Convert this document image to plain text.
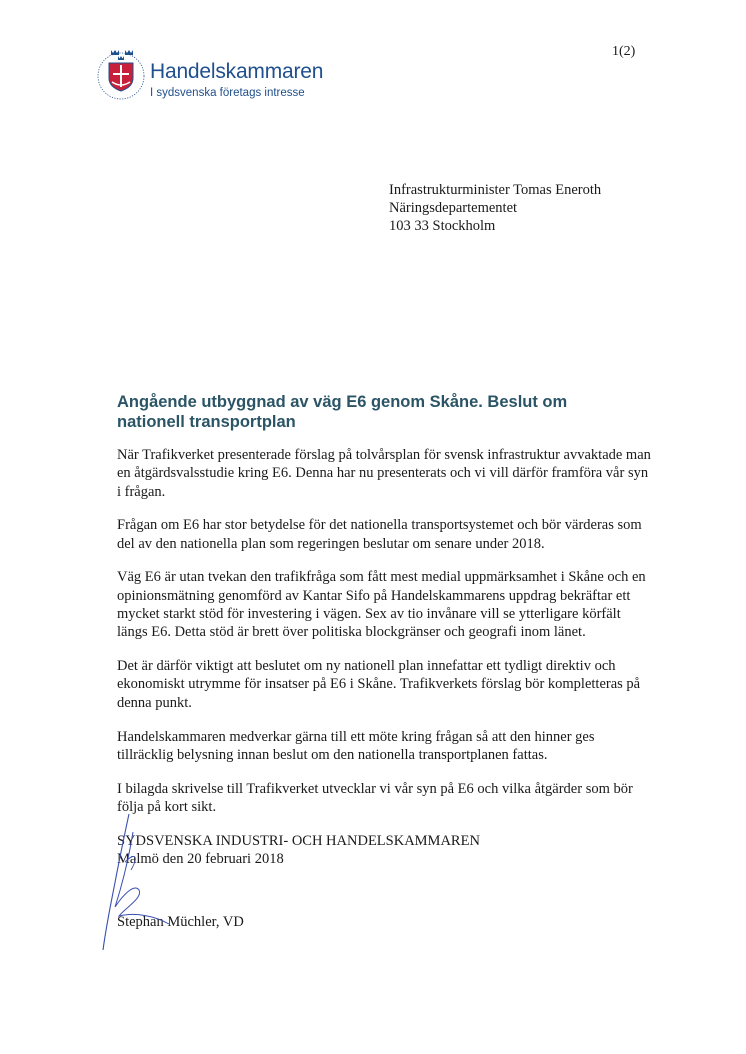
1(2)
Handelskammaren
I sydsvenska företags intresse
Infrastrukturminister Tomas Eneroth
Näringsdepartementet
103 33 Stockholm
Angående utbyggnad av väg E6 genom Skåne. Beslut om nationell transportplan

När Trafikverket presenterade förslag på tolvårsplan för svensk infrastruktur avvaktade man en åtgärdsvalsstudie kring E6. Denna har nu presenterats och vi vill därför framföra vår syn i frågan.

Frågan om E6 har stor betydelse för det nationella transportsystemet och bör värderas som del av den nationella plan som regeringen beslutar om senare under 2018.

Väg E6 är utan tvekan den trafikfråga som fått mest medial uppmärksamhet i Skåne och en opinionsmätning genomförd av Kantar Sifo på Handelskammarens uppdrag bekräftar ett mycket starkt stöd för investering i vägen. Sex av tio invånare vill se ytterligare körfält längs E6. Detta stöd är brett över politiska blockgränser och geografi inom länet.

Det är därför viktigt att beslutet om ny nationell plan innefattar ett tydligt direktiv och ekonomiskt utrymme för insatser på E6 i Skåne. Trafikverkets förslag bör kompletteras på denna punkt.

Handelskammaren medverkar gärna till ett möte kring frågan så att den hinner ges tillräcklig belysning innan beslut om den nationella transportplanen fattas.

I bilagda skrivelse till Trafikverket utvecklar vi vår syn på E6 och vilka åtgärder som bör följa på kort sikt.

SYDSVENSKA INDUSTRI- OCH HANDELSKAMMAREN
Malmö den 20 februari 2018
Stephan Müchler, VD
